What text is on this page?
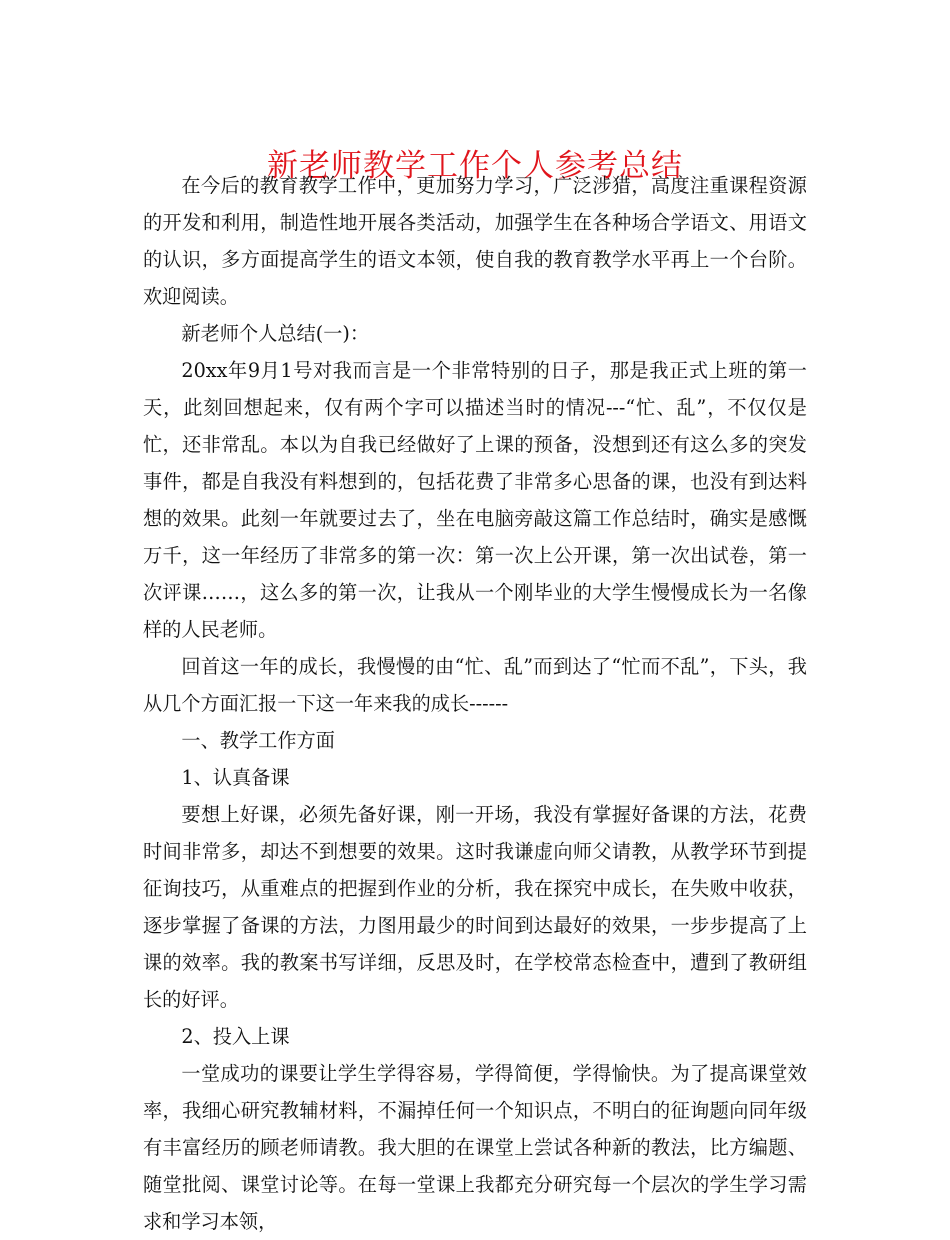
新老师教学工作个人参考总结

在今后的教育教学工作中，更加努力学习，广泛涉猎，高度注重课程资源的开发和利用，制造性地开展各类活动，加强学生在各种场合学语文、用语文的认识，多方面提高学生的语文本领，使自我的教育教学水平再上一个台阶。欢迎阅读。

新老师个人总结(一)：

20xx年9月1号对我而言是一个非常特别的日子，那是我正式上班的第一天，此刻回想起来，仅有两个字可以描述当时的情况---“忙、乱”，不仅仅是忙，还非常乱。本以为自我已经做好了上课的预备，没想到还有这么多的突发事件，都是自我没有料想到的，包括花费了非常多心思备的课，也没有到达料想的效果。此刻一年就要过去了，坐在电脑旁敲这篇工作总结时，确实是感慨万千，这一年经历了非常多的第一次：第一次上公开课，第一次出试卷，第一次评课……，这么多的第一次，让我从一个刚毕业的大学生慢慢成长为一名像样的人民老师。

回首这一年的成长，我慢慢的由“忙、乱”而到达了“忙而不乱”，下头，我从几个方面汇报一下这一年来我的成长------

一、教学工作方面

1、认真备课

要想上好课，必须先备好课，刚一开场，我没有掌握好备课的方法，花费时间非常多，却达不到想要的效果。这时我谦虚向师父请教，从教学环节到提征询技巧，从重难点的把握到作业的分析，我在探究中成长，在失败中收获，逐步掌握了备课的方法，力图用最少的时间到达最好的效果，一步步提高了上课的效率。我的教案书写详细，反思及时，在学校常态检查中，遭到了教研组长的好评。

2、投入上课

一堂成功的课要让学生学得容易，学得简便，学得愉快。为了提高课堂效率，我细心研究教辅材料，不漏掉任何一个知识点，不明白的征询题向同年级有丰富经历的顾老师请教。我大胆的在课堂上尝试各种新的教法，比方编题、随堂批阅、课堂讨论等。在每一堂课上我都充分研究每一个层次的学生学习需求和学习本领，
